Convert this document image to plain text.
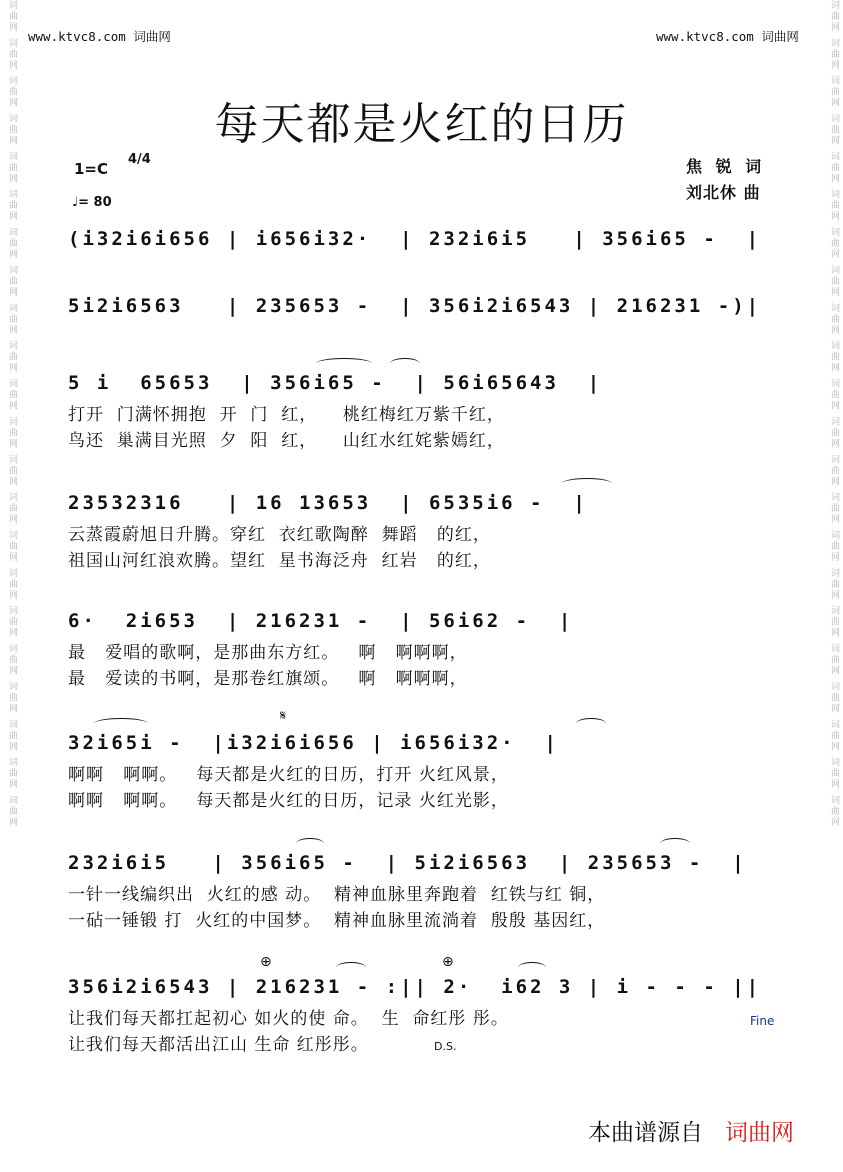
词曲网 词曲网 词曲网 词曲网 词曲网 词曲网 词曲网 词曲网 词曲网 词曲网 词曲网 词曲网 词曲网 词曲网 词曲网 词曲网 词曲网 词曲网 词曲网 词曲网 词曲网 词曲网	词曲网 词曲网 词曲网 词曲网 词曲网 词曲网 词曲网 词曲网 词曲网 词曲网 词曲网 词曲网 词曲网 词曲网 词曲网 词曲网 词曲网 词曲网 词曲网 词曲网 词曲网 词曲网
www.ktvc8.com 词曲网	www.ktvc8.com 词曲网
每天都是火红的日历
1=C
4/4
♩= 80
焦 锐 词
刘北休 曲
(i32i6i656 | i656i32·  | 232i6i5   | 356i65 -  |
5i2i6563   | 235653 -  | 356i2i6543 | 216231 -)|
5 i  65653  | 356i65 -  | 56i65643  |
打开  门满怀拥抱  开  门  红，    桃红梅红万紫千红，
鸟还  巢满目光照  夕  阳  红，    山红水红姹紫嫣红，
23532316   | 16 13653  | 6535i6 -  |
云蒸霞蔚旭日升腾。穿红  衣红歌陶醉  舞蹈   的红，
祖国山河红浪欢腾。望红  星书海泛舟  红岩   的红，
6·  2i653  | 216231 -  | 56i62 -  |
最   爱唱的歌啊，是那曲东方红。   啊   啊啊啊，
最   爱读的书啊，是那卷红旗颂。   啊   啊啊啊，
𝄋
32i65i -  |i32i6i656 | i656i32·  |
啊啊   啊啊。   每天都是火红的日历，打开 火红风景，
啊啊   啊啊。   每天都是火红的日历，记录 火红光影，
232i6i5   | 356i65 -  | 5i2i6563  | 235653 -  |
一针一线编织出  火红的感 动。  精神血脉里奔跑着  红铁与红 铜，
一砧一锤锻 打  火红的中国梦。  精神血脉里流淌着  殷殷 基因红，
⊕	⊕
356i2i6543 | 216231 - :|| 2·  i62 3 | i - - - ||
让我们每天都扛起初心 如火的使 命。  生  命红彤 彤。
让我们每天都活出江山 生命 红彤彤。
Fine
D.S.
本曲谱源自 词曲网
